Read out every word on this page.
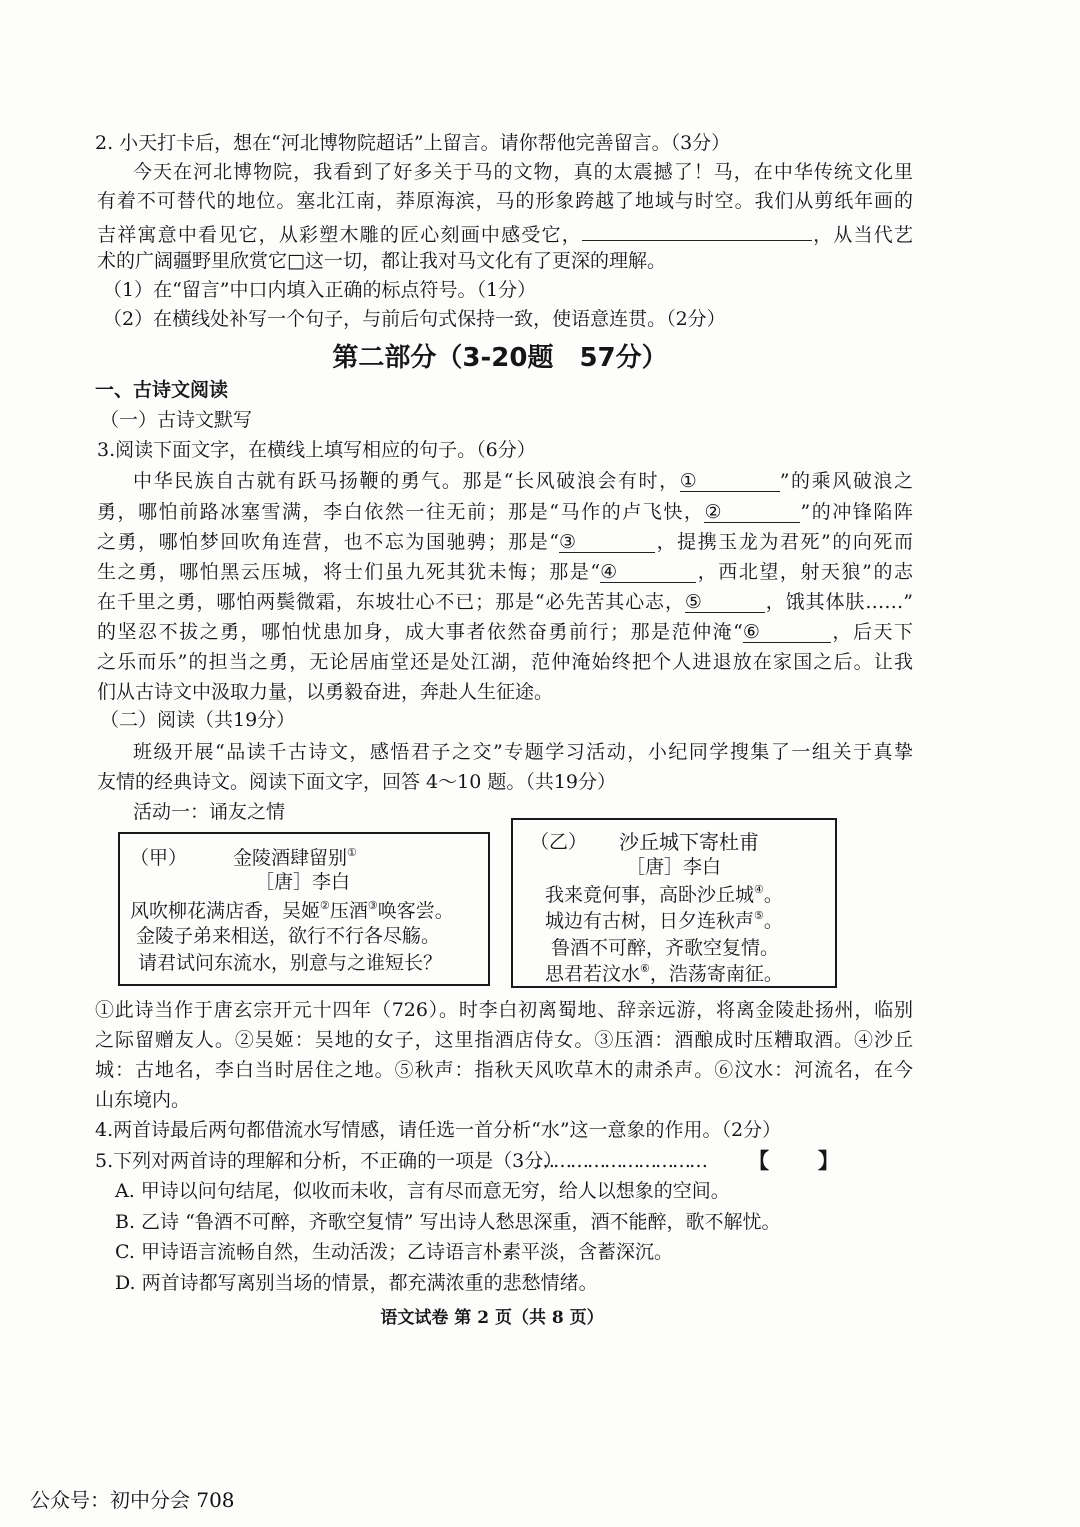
2. 小天打卡后，想在“河北博物院超话”上留言。请你帮他完善留言。（3分）
今天在河北博物院，我看到了好多关于马的文物，真的太震撼了！马，在中华传统文化里
有着不可替代的地位。塞北江南，莽原海滨，马的形象跨越了地域与时空。我们从剪纸年画的
吉祥寓意中看见它，从彩塑木雕的匠心刻画中感受它，	，从当代艺
术的广阔疆野里欣赏它□这一切，都让我对马文化有了更深的理解。
（1）在“留言”中口内填入正确的标点符号。（1分）
（2）在横线处补写一个句子，与前后句式保持一致，使语意连贯。（2分）
第二部分（3-20题　57分）
一、古诗文阅读
（一）古诗文默写
3.阅读下面文字，在横线上填写相应的句子。（6分）
中华民族自古就有跃马扬鞭的勇气。那是“长风破浪会有时，①	”的乘风破浪之
勇，哪怕前路冰塞雪满，李白依然一往无前；那是“马作的卢飞快，②	”的冲锋陷阵
之勇，哪怕梦回吹角连营，也不忘为国驰骋；那是“③	，提携玉龙为君死”的向死而
生之勇，哪怕黑云压城，将士们虽九死其犹未悔；那是“④	，西北望，射天狼”的志
在千里之勇，哪怕两鬓微霜，东坡壮心不已；那是“必先苦其心志，⑤	，饿其体肤……”
的坚忍不拔之勇，哪怕忧患加身，成大事者依然奋勇前行；那是范仲淹“⑥	，后天下
之乐而乐”的担当之勇，无论居庙堂还是处江湖，范仲淹始终把个人进退放在家国之后。让我
们从古诗文中汲取力量，以勇毅奋进，奔赴人生征途。
（二）阅读（共19分）
班级开展“品读千古诗文，感悟君子之交”专题学习活动，小纪同学搜集了一组关于真挚
友情的经典诗文。阅读下面文字，回答 4～10 题。（共19分）
活动一：诵友之情
（甲） 金陵酒肆留别①
［唐］李白
风吹柳花满店香，吴姬②压酒③唤客尝。
金陵子弟来相送，欲行不行各尽觞。
请君试问东流水，别意与之谁短长？
（乙） 沙丘城下寄杜甫
［唐］李白
我来竟何事，高卧沙丘城④。
城边有古树，日夕连秋声⑤。
鲁酒不可醉，齐歌空复情。
思君若汶水⑥，浩荡寄南征。
①此诗当作于唐玄宗开元十四年（726）。时李白初离蜀地、辞亲远游，将离金陵赴扬州，临别
之际留赠友人。②吴姬：吴地的女子，这里指酒店侍女。③压酒：酒酿成时压糟取酒。④沙丘
城：古地名，李白当时居住之地。⑤秋声：指秋天风吹草木的肃杀声。⑥汶水：河流名，在今
山东境内。
4.两首诗最后两句都借流水写情感，请任选一首分析“水”这一意象的作用。（2分）
5.下列对两首诗的理解和分析，不正确的一项是（3分）
………………………… 【 】
A. 甲诗以问句结尾，似收而未收，言有尽而意无穷，给人以想象的空间。
B. 乙诗 “鲁酒不可醉，齐歌空复情” 写出诗人愁思深重，酒不能醉，歌不解忧。
C. 甲诗语言流畅自然，生动活泼；乙诗语言朴素平淡，含蓄深沉。
D. 两首诗都写离别当场的情景，都充满浓重的悲愁情绪。
语文试卷 第 2 页（共 8 页）
公众号：初中分会 708
